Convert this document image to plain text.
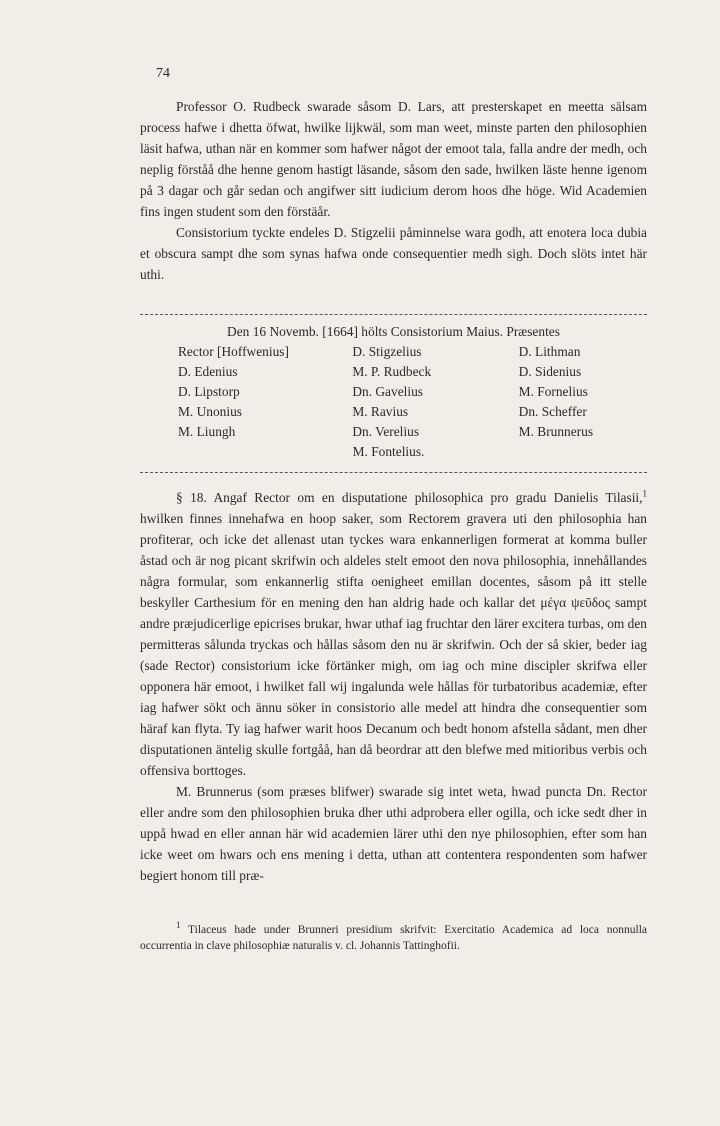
74

Professor O. Rudbeck swarade såsom D. Lars, att presterskapet en meetta sälsam process hafwe i dhetta öfwat, hwilke lijkwäl, som man weet, minste parten den philosophien läsit hafwa, uthan när en kommer som hafwer något der emoot tala, falla andre der medh, och neplig förståå dhe henne genom hastigt läsande, såsom den sade, hwilken läste henne igenom på 3 dagar och går sedan och angifwer sitt iudicium derom hoos dhe höge. Wid Academien fins ingen student som den förstäår.

Consistorium tyckte endeles D. Stigzelii påminnelse wara godh, att enotera loca dubia et obscura sampt dhe som synas hafwa onde consequentier medh sigh. Doch slöts intet här uthi.

Den 16 Novemb. [1664] hölts Consistorium Maius. Præsentes
Rector [Hoffwenius]	D. Stigzelius	D. Lithman
D. Edenius	M. P. Rudbeck	D. Sidenius
D. Lipstorp	Dn. Gavelius	M. Fornelius
M. Unonius	M. Ravius	Dn. Scheffer
M. Liungh	Dn. Verelius	M. Brunnerus
M. Fontelius.

§ 18. Angaf Rector om en disputatione philosophica pro gradu Danielis Tilasii,$^1$ hwilken finnes innehafwa en hoop saker, som Rectorem gravera uti den philosophia han profiterar, och icke det allenast utan tyckes wara enkannerligen formerat at komma buller åstad och är nog picant skrifwin och aldeles stelt emoot den nova philosophia, innehållandes några formular, som enkannerlig stifta oenigheet emillan docentes, såsom på itt stelle beskyller Carthesium för en mening den han aldrig hade och kallar det μέγα ψεῦδος sampt andre præjudicerlige epicrises brukar, hwar uthaf iag fruchtar den lärer excitera turbas, om den permitteras sålunda tryckas och hållas såsom den nu är skrifwin. Och der så skier, beder iag (sade Rector) consistorium icke förtänker migh, om iag och mine discipler skrifwa eller opponera här emoot, i hwilket fall wij ingalunda wele hållas för turbatoribus academiæ, efter iag hafwer sökt och ännu söker in consistorio alle medel att hindra dhe consequentier som häraf kan flyta. Ty iag hafwer warit hoos Decanum och bedt honom afstella sådant, men dher disputationen äntelig skulle fortgåå, han då beordrar att den blefwe med mitioribus verbis och offensiva borttoges.

M. Brunnerus (som præses blifwer) swarade sig intet weta, hwad puncta Dn. Rector eller andre som den philosophien bruka dher uthi adprobera eller ogilla, och icke sedt dher in uppå hwad en eller annan här wid academien lärer uthi den nye philosophien, efter som han icke weet om hwars och ens mening i detta, uthan att contentera respondenten som hafwer begiert honom till præ-

$^1$ Tilaceus hade under Brunneri presidium skrifvit: Exercitatio Academica ad loca nonnulla occurrentia in clave philosophiæ naturalis v. cl. Johannis Tattinghofii.
